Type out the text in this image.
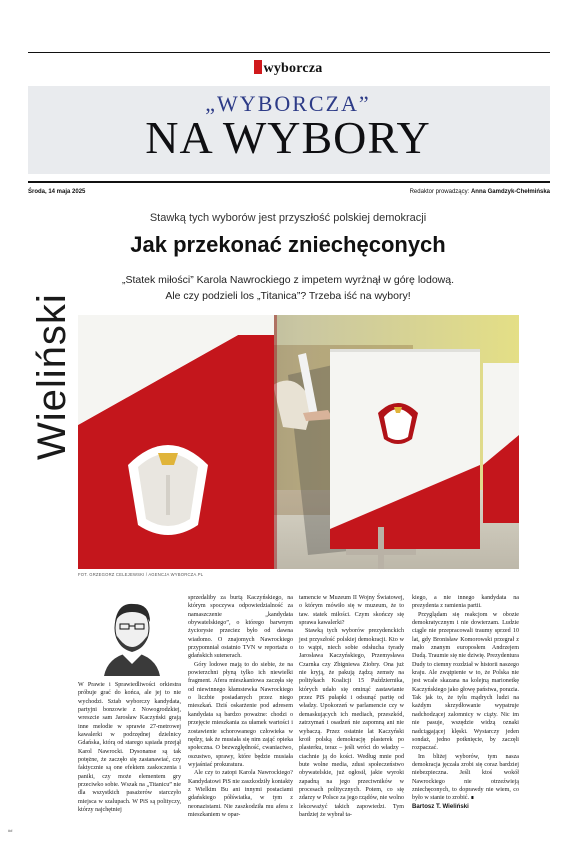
wyborcza
„WYBORCZA”
NA WYBORY
Środa, 14 maja 2025	Redaktor prowadzący: Anna Gamdzyk-Chełmińska
Stawką tych wyborów jest przyszłość polskiej demokracji
Jak przekonać zniechęconych
„Statek miłości” Karola Nawrockiego z impetem wyrżnął w górę lodową.
Ale czy podzieli los „Titanica”? Trzeba iść na wybory!
Wieliński
FOT. GRZEGORZ CELEJEWSKI / AGENCJA WYBORCZA.PL

W Prawie i Sprawiedliwości orkiestra próbuje grać do końca, ale jej to nie wychodzi. Sztab wyborczy kandydata, partyjni bonzowie z Nowogrodzkiej, wreszcie sam Jarosław Kaczyński grają inne melodie w sprawie 27-metrowej kawalerki w podrzędnej dzielnicy Gdańska, którą od starego sąsiada przejął Karol Nawrocki. Dysonanse są tak potężne, że zaczęło się zastanawiać, czy faktycznie są one efektem zaskoczenia i paniki, czy może elementem gry przeciwko sobie. Wszak na „Titanicu” nie dla wszystkich pasażerów starczyło miejsca w szalupach. W PiS są polityczy, którzy najchętniej

sprzedaliby za burtą Kaczyńskiego, na którym spoczywa odpowiedzialność za namaszczenie „kandydata obywatelskiego”, o którego barwnym życiorysie przeciez było od dawna wiadomo. O znajomych Nawrockiego przypomniał ostatnio TVN w reportażu o gdańskich sutenerach.

Góry lodowe mają to do siebie, że na powierzchni płyną tylko ich niewielki fragment. Afera mieszkaniowa zaczęła się od niewinnego kłamstewka Nawrockiego o liczbie posiadanych przez niego mieszkań. Dziś oskarżenie pod adresem kandydata są bardzo poważne: chodzi o przejęcie mieszkania za ułamek wartości i zostawienie schorowanego człowieka w nędzy, tak że musiała się nim zająć opieka społeczna. O bezwzględność, cwaniactwo, oszustwo, sprawy, które będzie musiała wyjaśniać prokuratura.

Ale czy to zatopi Karola Nawrockiego? Kandydatowi PiS nie zaszkodziły kontakty z Wielkim Bu ani innymi postaciami gdańskiego półświatka, w tym z neonazistami. Nie zaszkodziła mu afera z mieszkaniem w opar-

tamencie w Muzeum II Wojny Światowej, o którym mówiło się w muzeum, że to taw. statek miłości. Czym skończy się sprawa kawalerki?

Stawką tych wyborów prezydenckich jest przyszłość polskiej demokracji. Kto w to wątpi, niech sobie odsłucha tyrady Jarosława Kaczyńskiego, Przemysława Czarnka czy Zbigniewa Ziobry. Ona już nie kryją, że pakują żądzą zemsty na politykach Koalicji 15 Października, których udało się ominąć zastawianie przez PiS pułapki i odsunąć partię od władzy. Upokorzeń w parlamencie czy w demaskujących ich mediach, przeszkód, zatrzymań i osadzeń nie zapomną ani nie wybaczą. Przez ostatnie lat Kaczyński kroił polską demokrację plasterek po plasterku, teraz – jeśli wróci do władzy – ciachnie ją do kości. Według mnie pod bute wolne media, zdusi społeczeństwo obywatelskie, już ogłosił, jakie wyroki zapadną na jego przeciwników w procesach politycznych. Potem, co się zdarzy w Polsce za jego rządów, nie wolno lekceważyć takich zapowiedzi. Tym bardziej że wybrał ta-

kiego, a nie innego kandydata na prezydenta z ramienia partii.

Przyglądam się reakcjom w obozie demokratycznym i nie dowierzam. Ludzie ciągle nie przepracowali traumy sprzed 10 lat, gdy Bronisław Komorowski przegrał z mało znanym europosłem Andrzejem Dudą. Traumie się nie dziwię. Prezydentura Dudy to ciemny rozdział w historii naszego kraju. Ale zwątpienie w to, że Polska nie jest wcale skazana na kolejną marionetkę Kaczyńskiego jako głowę państwa, porazia. Tak jak to, że tylu mądrych ludzi na każdym skrzydłowanie wypatruje nadchodzącej zalomnicy w ciąży. Nic im nie pasuje, wszędzie widzą oznaki nadciągającej klęski. Wystarczy jeden sondaż, jedno potknięcie, by zaczęli rozpaczać.

Im bliżej wyborów, tym nasza demokracja jęczała zrobi się coraz bardziej niebezpieczna. Jeśli ktoś wokół Nawrockiego nie otrzeźwieją zniechęconych, to doprawdy nie wiem, co było w stanie to zrobić. ∎

Bartosz T. Wieliński

##
